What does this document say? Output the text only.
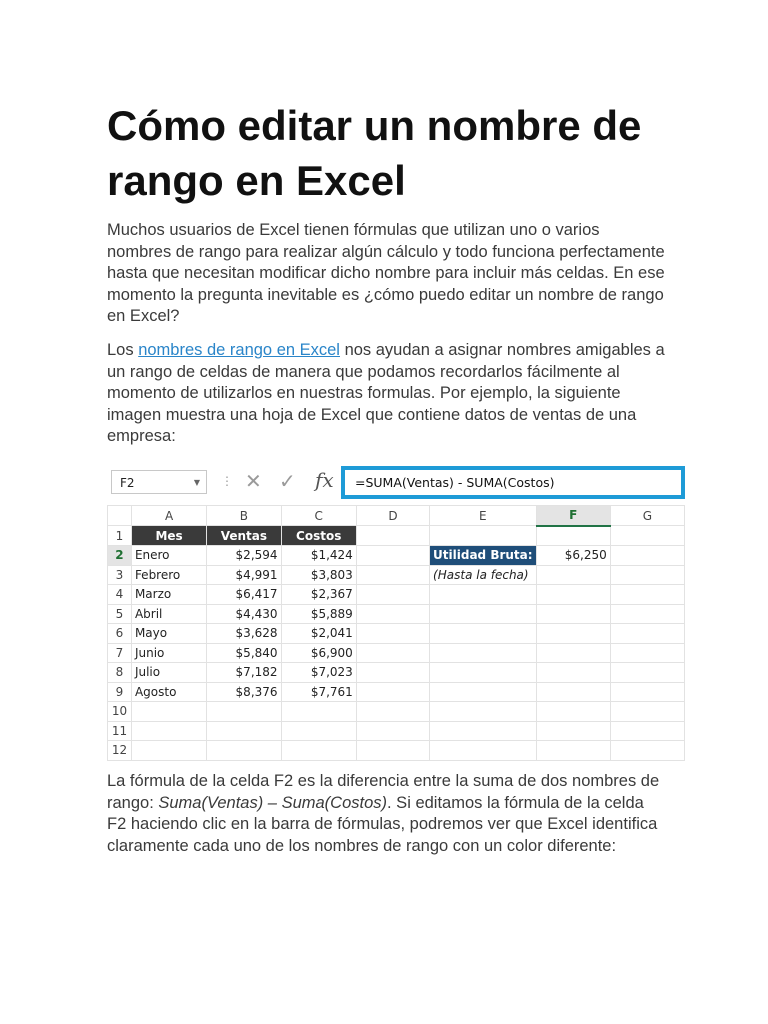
Cómo editar un nombre de rango en Excel

Muchos usuarios de Excel tienen fórmulas que utilizan uno o varios nombres de rango para realizar algún cálculo y todo funciona perfectamente hasta que necesitan modificar dicho nombre para incluir más celdas. En ese momento la pregunta inevitable es ¿cómo puedo editar un nombre de rango en Excel?

Los nombres de rango en Excel nos ayudan a asignar nombres amigables a un rango de celdas de manera que podamos recordarlos fácilmente al momento de utilizarlos en nuestras formulas. Por ejemplo, la siguiente imagen muestra una hoja de Excel que contiene datos de ventas de una empresa:

F2	▼ ⋮ ✕ ✓ fx	=SUMA(Ventas) - SUMA(Costos)
	A	B	C	D	E	F	G
1	Mes	Ventas	Costos				
2	Enero	$2,594	$1,424		Utilidad Bruta:	$6,250	
3	Febrero	$4,991	$3,803		(Hasta la fecha)		
4	Marzo	$6,417	$2,367				
5	Abril	$4,430	$5,889				
6	Mayo	$3,628	$2,041				
7	Junio	$5,840	$6,900				
8	Julio	$7,182	$7,023				
9	Agosto	$8,376	$7,761				
10							
11							
12							

La fórmula de la celda F2 es la diferencia entre la suma de dos nombres de rango: Suma(Ventas) – Suma(Costos). Si editamos la fórmula de la celda F2 haciendo clic en la barra de fórmulas, podremos ver que Excel identifica claramente cada uno de los nombres de rango con un color diferente:
